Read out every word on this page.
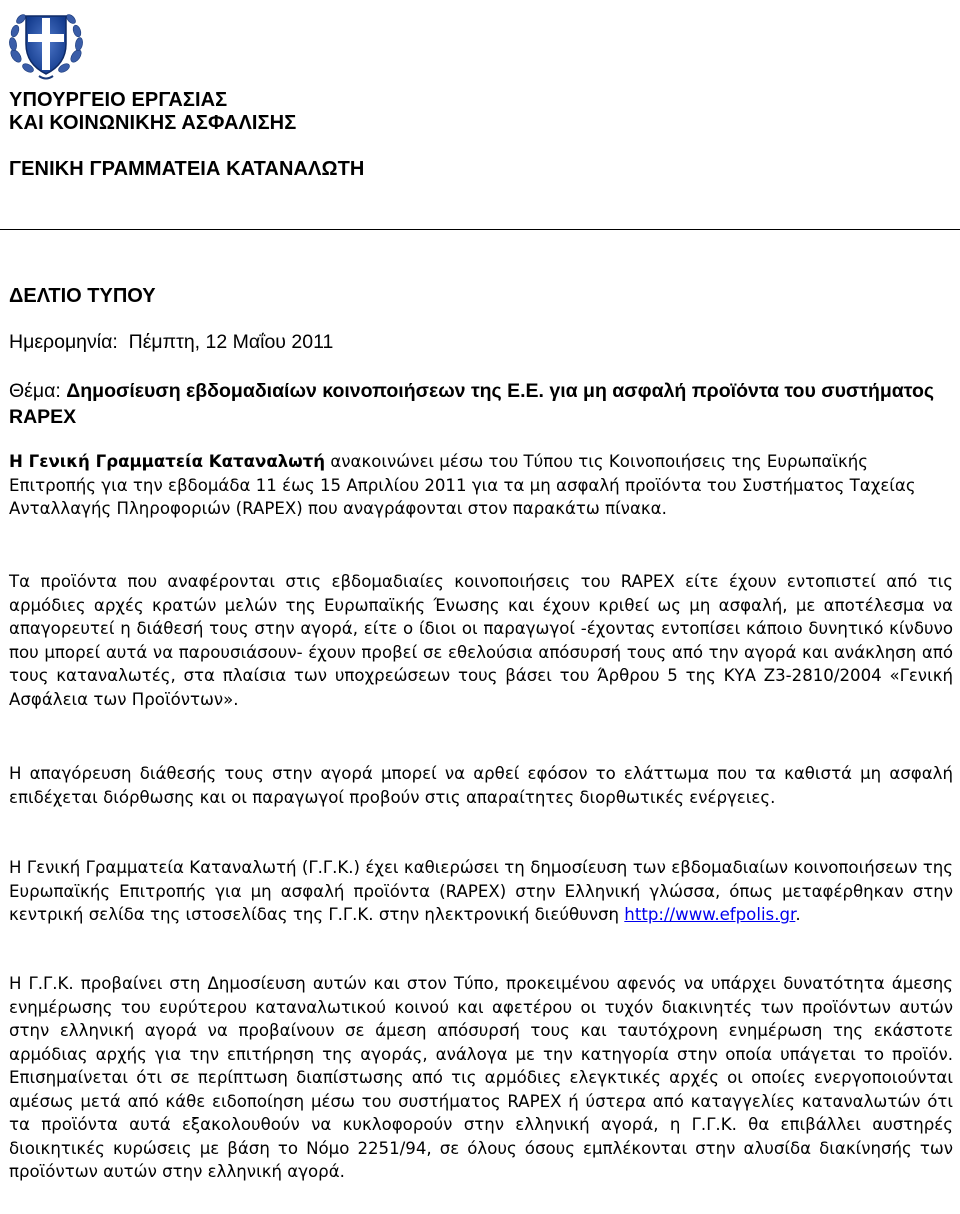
ΥΠΟΥΡΓΕΙΟ ΕΡΓΑΣΙΑΣ
ΚΑΙ ΚΟΙΝΩΝΙΚΗΣ ΑΣΦΑΛΙΣΗΣ
ΓΕΝΙΚΗ ΓΡΑΜΜΑΤΕΙΑ ΚΑΤΑΝΑΛΩΤΗ
ΔΕΛΤΙΟ ΤΥΠΟΥ
Ημερομηνία: Πέμπτη, 12 Μαΐου 2011
Θέμα: Δημοσίευση εβδομαδιαίων κοινοποιήσεων της Ε.Ε. για μη ασφαλή προϊόντα του συστήματος RAPEX
Η Γενική Γραμματεία Καταναλωτή ανακοινώνει μέσω του Τύπου τις Κοινοποιήσεις της Ευρωπαϊκής Επιτροπής για την εβδομάδα 11 έως 15 Απριλίου 2011 για τα μη ασφαλή προϊόντα του Συστήματος Ταχείας Ανταλλαγής Πληροφοριών (RAPEX) που αναγράφονται στον παρακάτω πίνακα.
Τα προϊόντα που αναφέρονται στις εβδομαδιαίες κοινοποιήσεις του RAPEX είτε έχουν εντοπιστεί από τις αρμόδιες αρχές κρατών μελών της Ευρωπαϊκής Ένωσης και έχουν κριθεί ως μη ασφαλή, με αποτέλεσμα να απαγορευτεί η διάθεσή τους στην αγορά, είτε ο ίδιοι οι παραγωγοί -έχοντας εντοπίσει κάποιο δυνητικό κίνδυνο που μπορεί αυτά να παρουσιάσουν- έχουν προβεί σε εθελούσια απόσυρσή τους από την αγορά και ανάκληση από τους καταναλωτές, στα πλαίσια των υποχρεώσεων τους βάσει του Άρθρου 5 της ΚΥΑ Ζ3-2810/2004 «Γενική Ασφάλεια των Προϊόντων».
Η απαγόρευση διάθεσής τους στην αγορά μπορεί να αρθεί εφόσον το ελάττωμα που τα καθιστά μη ασφαλή επιδέχεται διόρθωσης και οι παραγωγοί προβούν στις απαραίτητες διορθωτικές ενέργειες.
Η Γενική Γραμματεία Καταναλωτή (Γ.Γ.Κ.) έχει καθιερώσει τη δημοσίευση των εβδομαδιαίων κοινοποιήσεων της Ευρωπαϊκής Επιτροπής για μη ασφαλή προϊόντα (RAPEX) στην Ελληνική γλώσσα, όπως μεταφέρθηκαν στην κεντρική σελίδα της ιστοσελίδας της Γ.Γ.Κ. στην ηλεκτρονική διεύθυνση http://www.efpolis.gr.
Η Γ.Γ.Κ. προβαίνει στη Δημοσίευση αυτών και στον Τύπο, προκειμένου αφενός να υπάρχει δυνατότητα άμεσης ενημέρωσης του ευρύτερου καταναλωτικού κοινού και αφετέρου οι τυχόν διακινητές των προϊόντων αυτών στην ελληνική αγορά να προβαίνουν σε άμεση απόσυρσή τους και ταυτόχρονη ενημέρωση της εκάστοτε αρμόδιας αρχής για την επιτήρηση της αγοράς, ανάλογα με την κατηγορία στην οποία υπάγεται το προϊόν. Επισημαίνεται ότι σε περίπτωση διαπίστωσης από τις αρμόδιες ελεγκτικές αρχές οι οποίες ενεργοποιούνται αμέσως μετά από κάθε ειδοποίηση μέσω του συστήματος RAPEX ή ύστερα από καταγγελίες καταναλωτών ότι τα προϊόντα αυτά εξακολουθούν να κυκλοφορούν στην ελληνική αγορά, η Γ.Γ.Κ. θα επιβάλλει αυστηρές διοικητικές κυρώσεις με βάση το Νόμο 2251/94, σε όλους όσους εμπλέκονται στην αλυσίδα διακίνησής των προϊόντων αυτών στην ελληνική αγορά.
